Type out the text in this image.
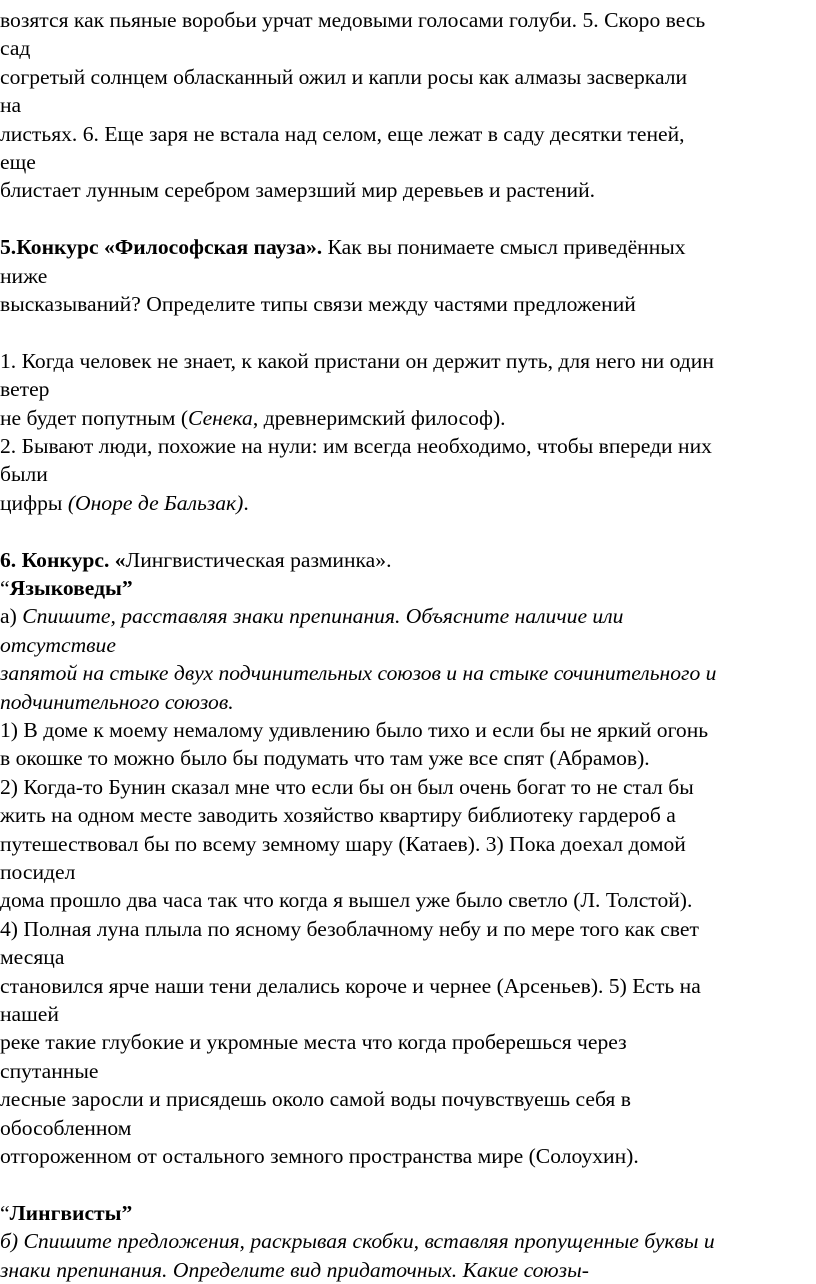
возятся как пьяные воробьи урчат медовыми голосами голуби. 5. Скоро весь
сад
согретый солнцем обласканный ожил и капли росы как алмазы засверкали
на
листьях. 6. Еще заря не встала над селом, еще лежат в саду десятки теней,
еще
блистает лунным серебром замерзший мир деревьев и растений.
5.Конкурс «Философская пауза». Как вы понимаете смысл приведённых
ниже
высказываний? Определите типы связи между частями предложений
1. Когда человек не знает, к какой пристани он держит путь, для него ни один
ветер
не будет попутным (Сенека, древнеримский философ).
2. Бывают люди, похожие на нули: им всегда необходимо, чтобы впереди них
были
цифры (Оноре де Бальзак).
6. Конкурс. «Лингвистическая разминка».
“Языковеды”
а) Спишите, расставляя знаки препинания. Объясните наличие или
отсутствие
запятой на стыке двух подчинительных союзов и на стыке сочинительного и
подчинительного союзов.
1) В доме к моему немалому удивлению было тихо и если бы не яркий огонь
в окошке то можно было бы подумать что там уже все спят (Абрамов).
2) Когда-то Бунин сказал мне что если бы он был очень богат то не стал бы
жить на одном месте заводить хозяйство квартиру библиотеку гардероб а
путешествовал бы по всему земному шару (Катаев). 3) Пока доехал домой
посидел
дома прошло два часа так что когда я вышел уже было светло (Л. Толстой).
4) Полная луна плыла по ясному безоблачному небу и по мере того как свет
месяца
становился ярче наши тени делались короче и чернее (Арсеньев). 5) Есть на
нашей
реке такие глубокие и укромные места что когда проберешься через
спутанные
лесные заросли и присядешь около самой воды почувствуешь себя в
обособленном
отгороженном от остального земного пространства мире (Солоухин).
“Лингвисты”
б) Спишите предложения, раскрывая скобки, вставляя пропущенные буквы и
знаки препинания. Определите вид придаточных. Какие союзы-
